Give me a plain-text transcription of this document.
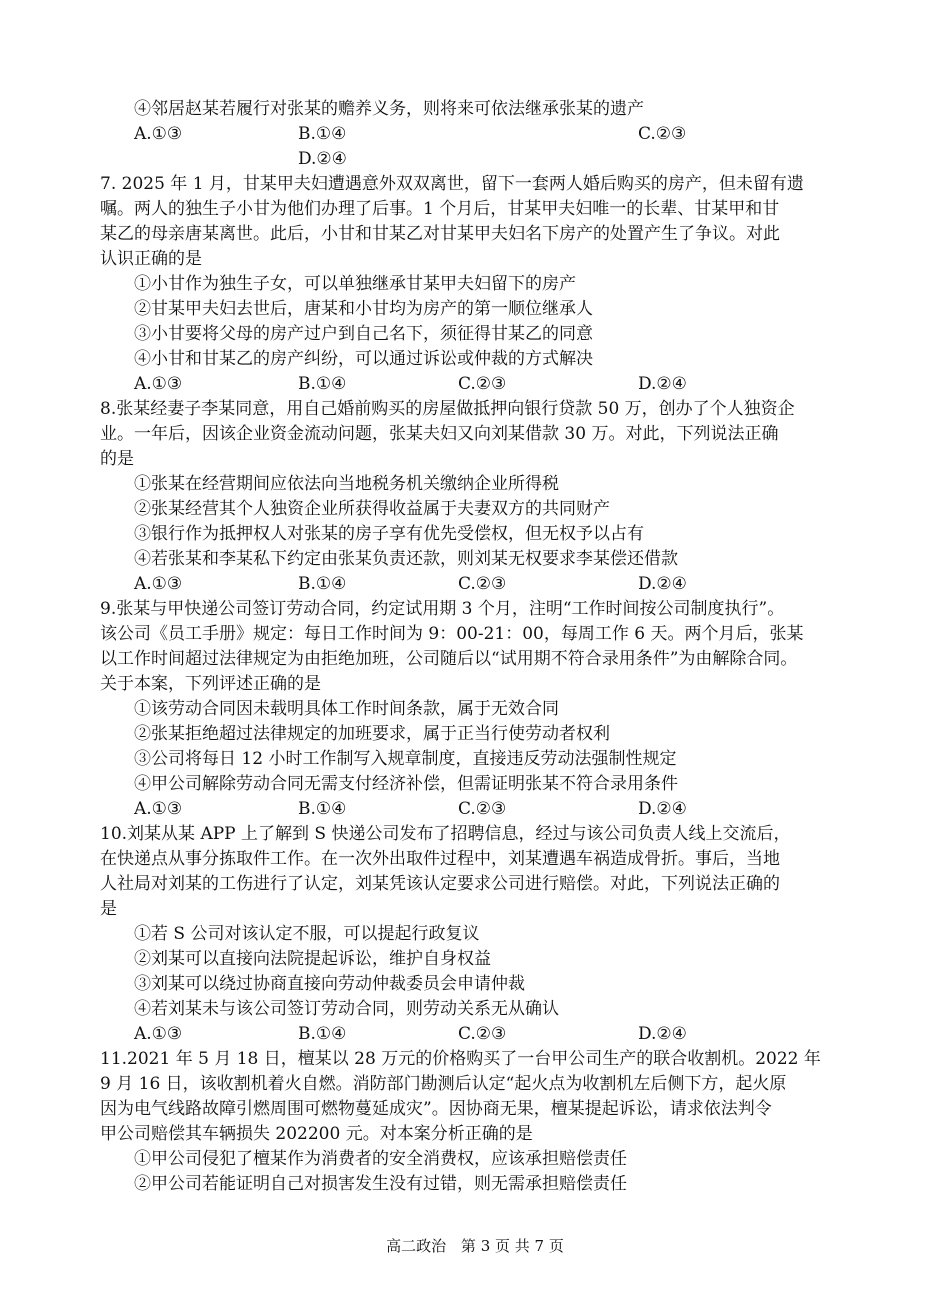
④邻居赵某若履行对张某的赡养义务，则将来可依法继承张某的遗产
A.①③	B.①④	C.②③
D.②④
7. 2025 年 1 月，甘某甲夫妇遭遇意外双双离世，留下一套两人婚后购买的房产，但未留有遗
嘱。两人的独生子小甘为他们办理了后事。1 个月后，甘某甲夫妇唯一的长辈、甘某甲和甘
某乙的母亲唐某离世。此后，小甘和甘某乙对甘某甲夫妇名下房产的处置产生了争议。对此
认识正确的是
①小甘作为独生子女，可以单独继承甘某甲夫妇留下的房产
②甘某甲夫妇去世后，唐某和小甘均为房产的第一顺位继承人
③小甘要将父母的房产过户到自己名下，须征得甘某乙的同意
④小甘和甘某乙的房产纠纷，可以通过诉讼或仲裁的方式解决
A.①③	B.①④	C.②③	D.②④
8.张某经妻子李某同意，用自己婚前购买的房屋做抵押向银行贷款 50 万，创办了个人独资企
业。一年后，因该企业资金流动问题，张某夫妇又向刘某借款 30 万。对此，下列说法正确
的是
①张某在经营期间应依法向当地税务机关缴纳企业所得税
②张某经营其个人独资企业所获得收益属于夫妻双方的共同财产
③银行作为抵押权人对张某的房子享有优先受偿权，但无权予以占有
④若张某和李某私下约定由张某负责还款，则刘某无权要求李某偿还借款
A.①③	B.①④	C.②③	D.②④
9.张某与甲快递公司签订劳动合同，约定试用期 3 个月，注明“工作时间按公司制度执行”。
该公司《员工手册》规定：每日工作时间为 9：00-21：00，每周工作 6 天。两个月后，张某
以工作时间超过法律规定为由拒绝加班，公司随后以“试用期不符合录用条件”为由解除合同。
关于本案，下列评述正确的是
①该劳动合同因未载明具体工作时间条款，属于无效合同
②张某拒绝超过法律规定的加班要求，属于正当行使劳动者权利
③公司将每日 12 小时工作制写入规章制度，直接违反劳动法强制性规定
④甲公司解除劳动合同无需支付经济补偿，但需证明张某不符合录用条件
A.①③	B.①④	C.②③	D.②④
10.刘某从某 APP 上了解到 S 快递公司发布了招聘信息，经过与该公司负责人线上交流后，
在快递点从事分拣取件工作。在一次外出取件过程中，刘某遭遇车祸造成骨折。事后，当地
人社局对刘某的工伤进行了认定，刘某凭该认定要求公司进行赔偿。对此，下列说法正确的
是
①若 S 公司对该认定不服，可以提起行政复议
②刘某可以直接向法院提起诉讼，维护自身权益
③刘某可以绕过协商直接向劳动仲裁委员会申请仲裁
④若刘某未与该公司签订劳动合同，则劳动关系无从确认
A.①③	B.①④	C.②③	D.②④
11.2021 年 5 月 18 日，檀某以 28 万元的价格购买了一台甲公司生产的联合收割机。2022 年
9 月 16 日，该收割机着火自燃。消防部门勘测后认定“起火点为收割机左后侧下方，起火原
因为电气线路故障引燃周围可燃物蔓延成灾”。因协商无果，檀某提起诉讼，请求依法判令
甲公司赔偿其车辆损失 202200 元。对本案分析正确的是
①甲公司侵犯了檀某作为消费者的安全消费权，应该承担赔偿责任
②甲公司若能证明自己对损害发生没有过错，则无需承担赔偿责任
高二政治 第 3 页 共 7 页
